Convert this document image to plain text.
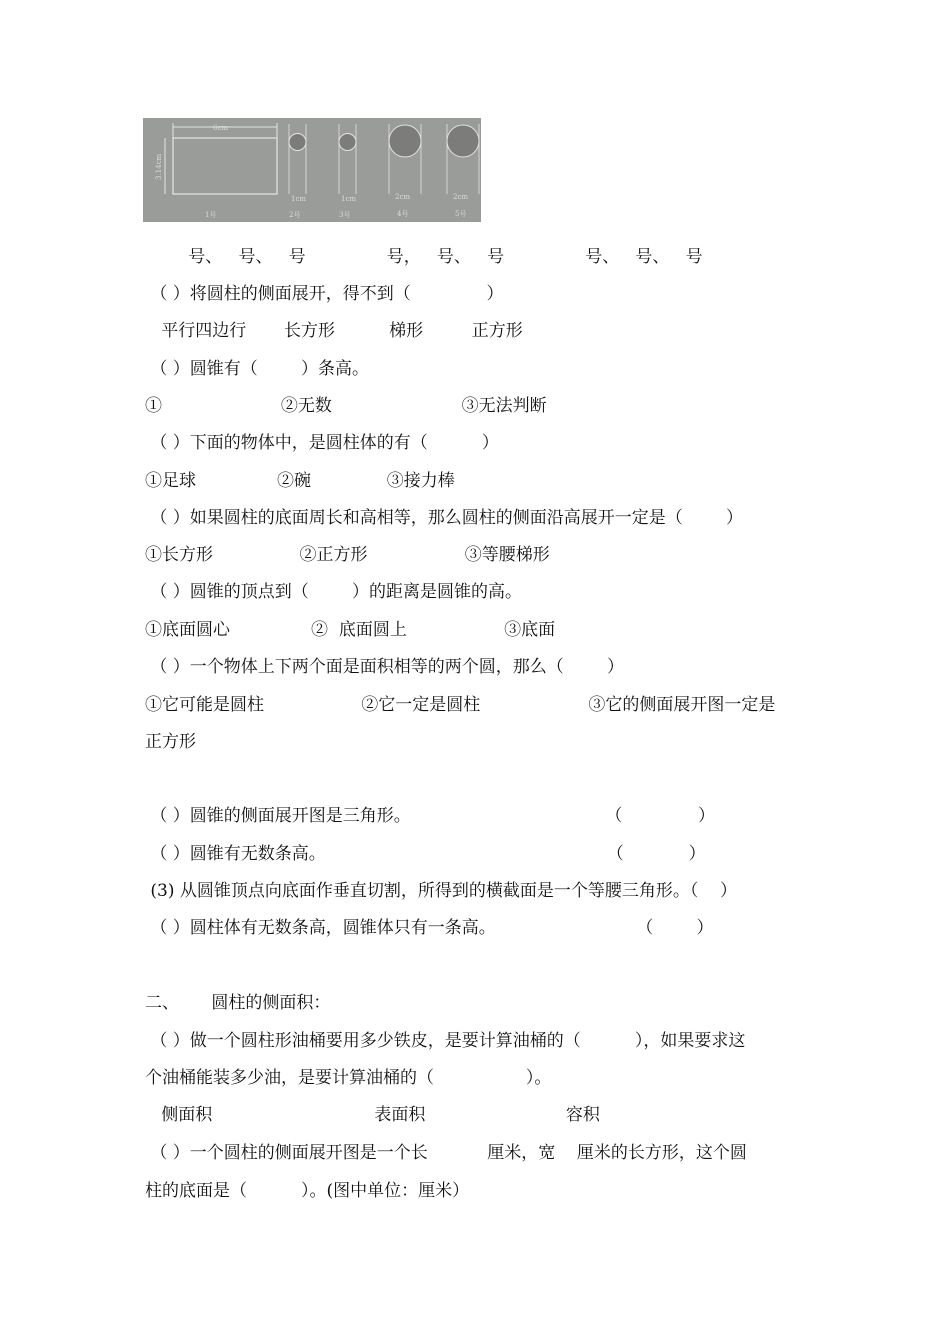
6cm
3.14cm
1cm	1cm	2cm	2cm
1号	2号	3号	4号	5号
号、   号、   号               号，   号、   号               号、   号、   号
（ ）将圆柱的侧面展开，得不到（              ）
平行四边行       长方形          梯形         正方形
（ ）圆锥有（        ）条高。
①                      ②无数                        ③无法判断
（ ）下面的物体中，是圆柱体的有（          ）
①足球               ②碗              ③接力棒
（ ）如果圆柱的底面周长和高相等，那么圆柱的侧面沿高展开一定是（        ）
①长方形                ②正方形                  ③等腰梯形
（ ）圆锥的顶点到（        ）的距离是圆锥的高。
①底面圆心               ②  底面圆上                  ③底面
（ ）一个物体上下两个面是面积相等的两个圆，那么（        ）
①它可能是圆柱                  ②它一定是圆柱                    ③它的侧面展开图一定是
正方形
（ ）圆锥的侧面展开图是三角形。                                    （              ）
（ ）圆锥有无数条高。                                                    （            ）
(3) 从圆锥顶点向底面作垂直切割，所得到的横截面是一个等腰三角形。（    ）
（ ）圆柱体有无数条高，圆锥体只有一条高。                          （        ）
二、      圆柱的侧面积：
（ ）做一个圆柱形油桶要用多少铁皮，是要计算油桶的（          ），如果要求这
个油桶能装多少油，是要计算油桶的（                 ）。
侧面积                              表面积                          容积
（ ）一个圆柱的侧面展开图是一个长           厘米，宽    厘米的长方形，这个圆
柱的底面是（          ）。(图中单位：厘米）
